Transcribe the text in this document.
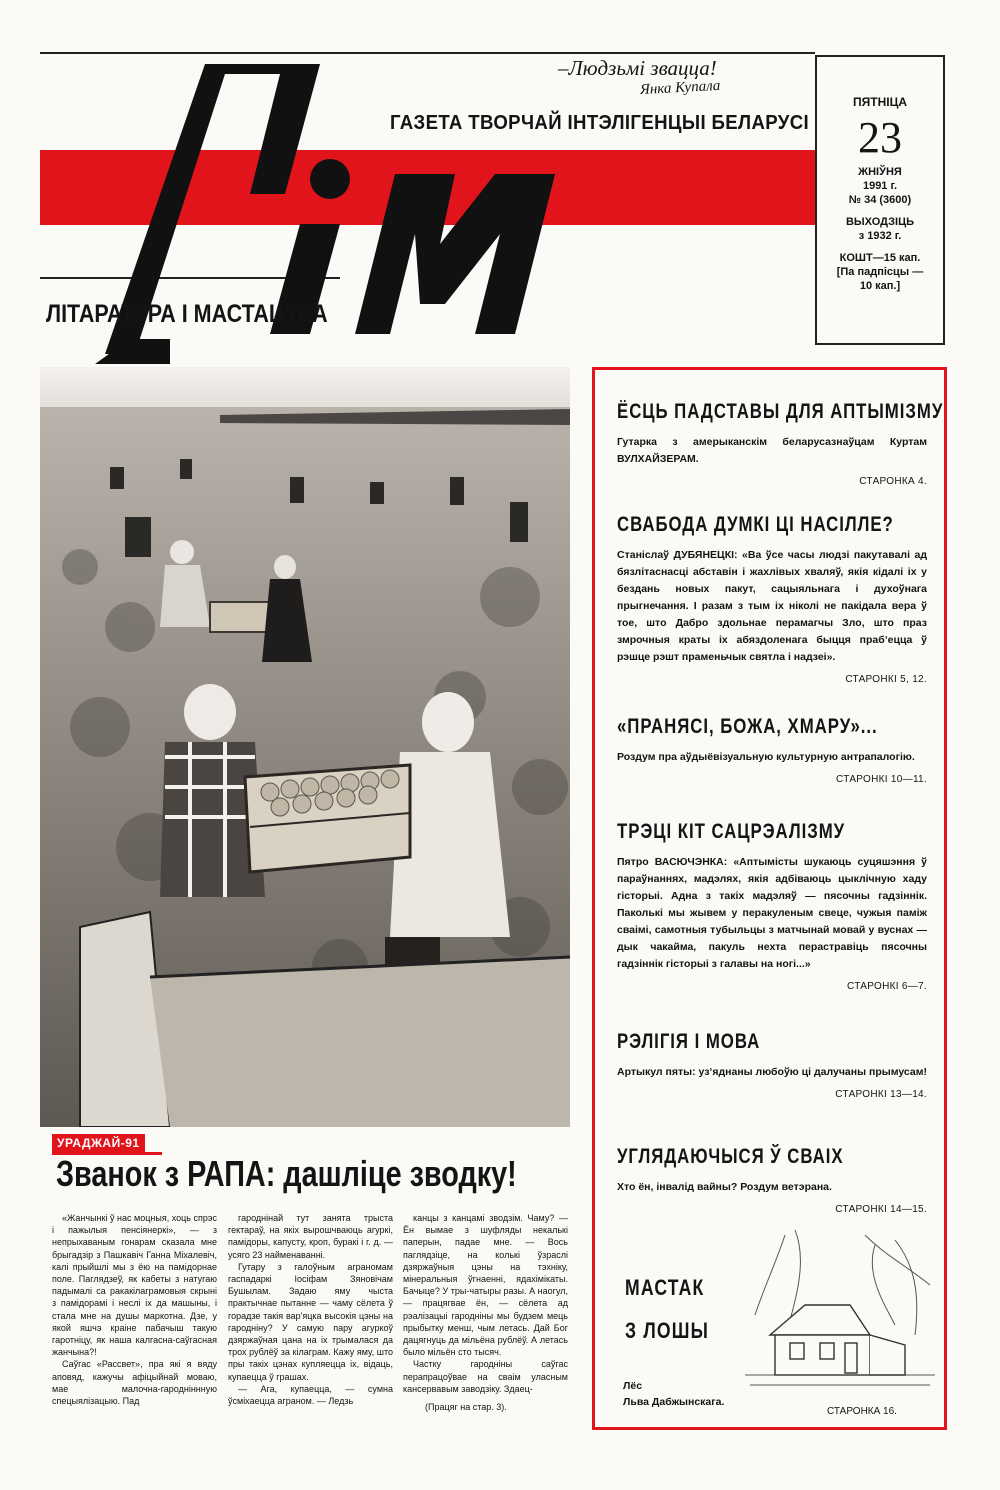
–Людзьмі звацца!
Янка Купала
ГАЗЕТА ТВОРЧАЙ ІНТЭЛІГЕНЦЫІ БЕЛАРУСІ
ЛІТАРАТУРА І МАСТАЦТВА
ПЯТНІЦА
23
ЖНІЎНЯ
1991 г.
№ 34 (3600)
ВЫХОДЗІЦЬ
з 1932 г.
КОШТ—15 кап.
[Па падпісцы —
10 кап.]
УРАДЖАЙ-91
Званок з РАПА: дашліце зводку!

«Жанчынкі ў нас моцныя, хоць спрэс і пажылыя пенсіянеркі», — з непрыхаваным гонарам сказала мне брыгадзір з Пашкавіч Ганна Міхалевіч, калі прыйшлі мы з ёю на памідорнае поле. Паглядзеў, як кабеты з натугаю падымалі са ракакілаграмовыя скрыні з памідорамі і неслі іх да машыны, і стала мне на душы маркотна. Дзе, у якой яшчэ краіне пабачыш такую гаротніцу, як наша калгасна-саўгасная жанчына?!

Саўгас «Рассвет», пра які я вяду аповяд, кажучы афіцыйнай моваю, мае малочна-гародніннную спецыялізацыю. Пад

гароднінай тут занята трыста гектараў, на якіх вырошчваюць агуркі, памідоры, капусту, кроп, буракі і г. д. — усяго 23 найменаванні.

Гутару з галоўным аграномам гаспадаркі Іосіфам Зяновічам Бушылам. Задаю яму чыста практычнае пытанне — чаму сёлета ў горадзе такія вар'яцка высокія цэны на гародніну? У самую пару агуркоў дзяржаўная цана на іх трымалася да трох рублёў за кілаграм. Кажу яму, што пры такіх цэнах купляецца іх, відаць, купаецца ў грашах.

— Ага, купаецца, — сумна ўсміхаецца аграном. — Ледзь

канцы з канцамі зводзім. Чаму? — Ён вымае з шуфляды некалькі паперын, падае мне. — Вось паглядзіце, на колькі ўзраслі дзяржаўныя цэны на тэхніку, мінеральныя ўгнаенні, ядахімікаты. Бачыце? У тры-чатыры разы. А наогул, — працягвае ён, — сёлета ад рэалізацыі гародніны мы будзем мець прыбытку менш, чым летась. Дай Бог дацягнуць да мільёна рублёў. А летась было мільён сто тысяч.

Частку гародніны саўгас перапрацоўвае на сваім уласным кансервавым заводзіку. Здаец-

(Працяг на стар. 3).
ЁСЦЬ ПАДСТАВЫ ДЛЯ АПТЫМІЗМУ
Гутарка з амерыканскім беларусазнаўцам Куртам ВУЛХАЙЗЕРАМ.
СТАРОНКА 4.
СВАБОДА ДУМКІ ЦІ НАСІЛЛЕ?
Станіслаў ДУБЯНЕЦКІ: «Ва ўсе часы людзі пакутавалі ад бязлітаснасці абставін і жахлівых хваляў, якія кідалі іх у бездань новых пакут, сацыяльнага і духоўнага прыгнечання. І разам з тым іх ніколі не пакідала вера ў тое, што Дабро здольнае перамагчы Зло, што праз змрочныя краты іх абяздоленага быцця прабʼецца ў рэшце рэшт праменьчык святла і надзеі».
СТАРОНКІ 5, 12.
«ПРАНЯСІ, БОЖА, ХМАРУ»...
Роздум пра аўдыёвізуальную культурную антрапалогію.
СТАРОНКІ 10—11.
ТРЭЦІ КІТ САЦРЭАЛІЗМУ
Пятро ВАСЮЧЭНКА: «Аптымісты шукаюць суцяшэння ў параўнаннях, мадэлях, якія адбіваюць цыклічную хаду гісторыі. Адна з такіх мадэляў — пясочны гадзіннік. Паколькі мы жывем у перакуленым свеце, чужыя паміж сваімі, самотныя тубыльцы з матчынай мовай у вуснах — дык чакайма, пакуль нехта перастравіць пясочны гадзіннік гісторыі з галавы на ногі...»
СТАРОНКІ 6—7.
РЭЛІГІЯ І МОВА
Артыкул пяты: узʼяднаны любоўю ці далучаны прымусам!
СТАРОНКІ 13—14.
УГЛЯДАЮЧЫСЯ Ў СВАІХ
Хто ён, інвалід вайны? Роздум ветэрана.
СТАРОНКІ 14—15.
МАСТАК
З ЛОШЫ
Лёс
Льва Дабжынскага.
СТАРОНКА 16.
